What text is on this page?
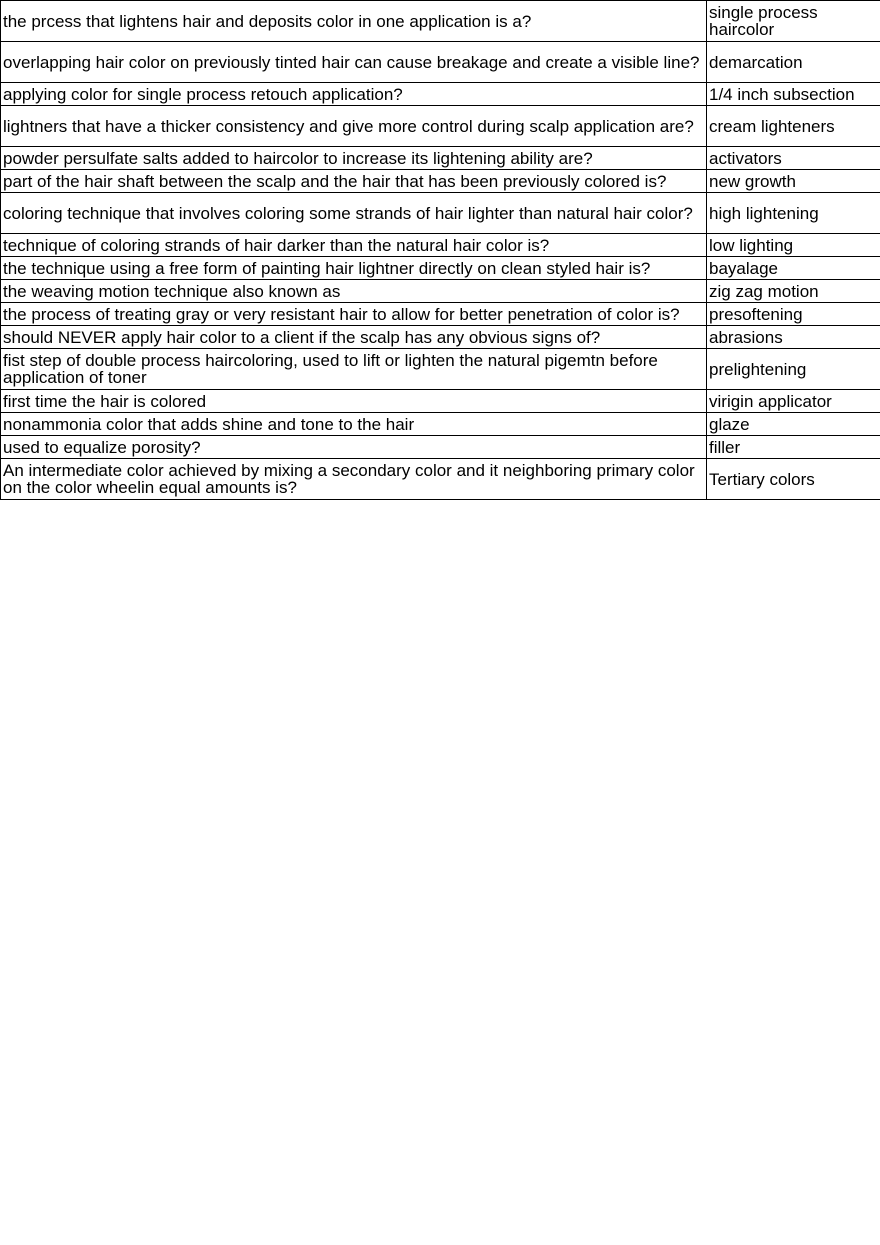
the prcess that lightens hair and deposits color in one application is a?	single process haircolor
overlapping hair color on previously tinted hair can cause breakage and create a visible line?	demarcation
applying color for single process retouch application?	1/4 inch subsection
lightners that have a thicker consistency and give more control during scalp application are?	cream lighteners
powder persulfate salts added to haircolor to increase its lightening ability are?	activators
part of the hair shaft between the scalp and the hair that has been previously colored is?	new growth
coloring technique that involves coloring some strands of hair lighter than natural hair color?	high lightening
technique of coloring strands of hair darker than the natural hair color is?	low lighting
the technique using a free form of painting hair lightner directly on clean styled hair is?	bayalage
the weaving motion technique also known as	zig zag motion
the process of treating gray or very resistant hair to allow for better penetration of color is?	presoftening
should NEVER apply hair color to a client if the scalp has any obvious signs of?	abrasions
fist step of double process haircoloring, used to lift or lighten the natural pigemtn before application of toner	prelightening
first time the hair is colored	virigin applicator
nonammonia color that adds shine and tone to the hair	glaze
used to equalize porosity?	filler
An intermediate color achieved by mixing a secondary color and it neighboring primary color on the color wheelin equal amounts is?	Tertiary colors
